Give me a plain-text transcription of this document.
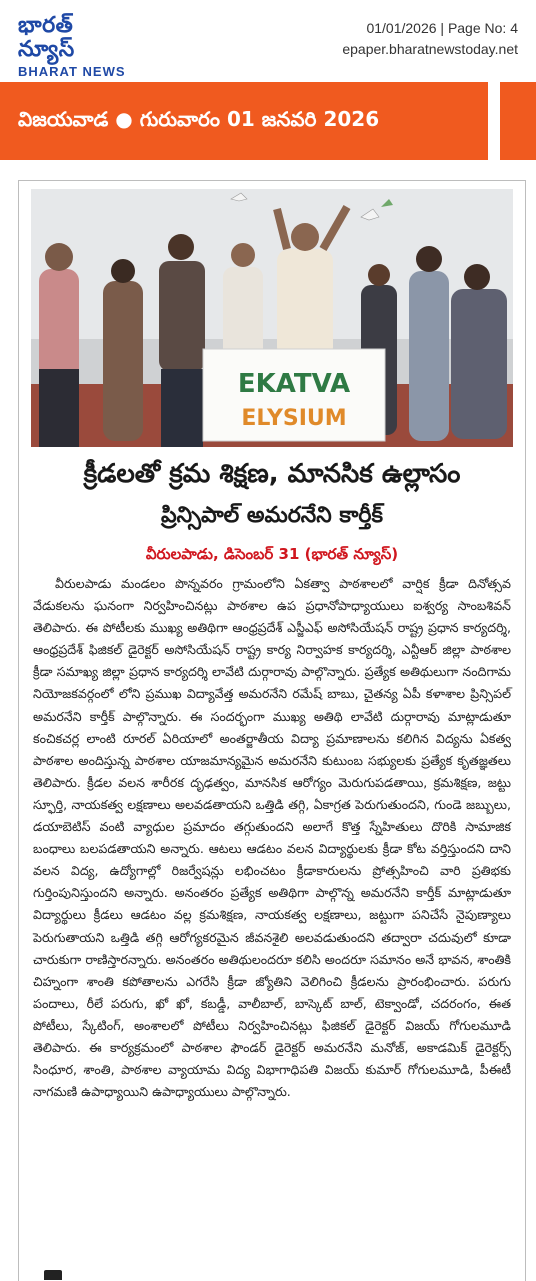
భారత్ న్యూస్
BHARAT NEWS
01/01/2026 | Page No: 4
epaper.bharatnewstoday.net
విజయవాడ ● గురువారం 01 జనవరి 2026
EKATVA
ELYSIUM
క్రీడలతో క్రమ శిక్షణ, మానసిక ఉల్లాసం
ప్రిన్సిపాల్ అమరనేని కార్తీక్
వీరులపాడు, డిసెంబర్ 31 (భారత్ న్యూస్)
వీరులపాడు మండలం పొన్నవరం గ్రామంలోని ఏకత్వా పాఠశాలలో వార్షిక క్రీడా దినోత్సవ వేడుకలను ఘనంగా నిర్వహించినట్లు పాఠశాల ఉప ప్రధానోపాధ్యాయులు ఐశ్వర్య సాంబశివన్ తెలిపారు. ఈ పోటీలకు ముఖ్య అతిథిగా ఆంధ్రప్రదేశ్ ఎస్జీఎఫ్ అసోసియేషన్ రాష్ట్ర ప్రధాన కార్యదర్శి, ఆంధ్రప్రదేశ్ ఫిజికల్ డైరెక్టర్ అసోసియేషన్ రాష్ట్ర కార్య నిర్వాహక కార్యదర్శి, ఎన్టీఆర్ జిల్లా పాఠశాల క్రీడా సమాఖ్య జిల్లా ప్రధాన కార్యదర్శి లావేటి దుర్గారావు పాల్గొన్నారు. ప్రత్యేక అతిథులుగా నందిగామ నియోజకవర్గంలో లోని ప్రముఖ విద్యావేత్త అమరనేని రమేష్ బాబు, చైతన్య ఏపీ కళాశాల ప్రిన్సిపల్ అమరనేని కార్తీక్ పాల్గొన్నారు. ఈ సందర్భంగా ముఖ్య అతిథి లావేటి దుర్గారావు మాట్లాడుతూ కంచికచర్ల లాంటి రూరల్ ఏరియాలో అంతర్జాతీయ విద్యా ప్రమాణాలను కలిగిన విద్యను ఏకత్వ పాఠశాల అందిస్తున్న పాఠశాల యాజమాన్యమైన అమరనేని కుటుంబ సభ్యులకు ప్రత్యేక కృతజ్ఞతలు తెలిపారు. క్రీడల వలన శారీరక దృఢత్వం, మానసిక ఆరోగ్యం మెరుగుపడతాయి, క్రమశిక్షణ, జట్టు స్ఫూర్తి, నాయకత్వ లక్షణాలు అలవడతాయని ఒత్తిడి తగ్గి, ఏకాగ్రత పెరుగుతుందని, గుండె జబ్బులు, డయాబెటిస్ వంటి వ్యాధుల ప్రమాదం తగ్గుతుందని అలాగే కొత్త స్నేహితులు దొరికి సామాజిక బంధాలు బలపడతాయని అన్నారు. ఆటలు ఆడటం వలన విద్యార్థులకు క్రీడా కోట వర్తిస్తుందని దాని వలన విద్య, ఉద్యోగాల్లో రిజర్వేషన్లు లభించటం క్రీడాకారులను ప్రోత్సహించి వారి ప్రతిభకు గుర్తింపునిస్తుందని అన్నారు. అనంతరం ప్రత్యేక అతిథిగా పాల్గొన్న అమరనేని కార్తీక్ మాట్లాడుతూ విద్యార్థులు క్రీడలు ఆడటం వల్ల క్రమశిక్షణ, నాయకత్వ లక్షణాలు, జట్టుగా పనిచేసే నైపుణ్యాలు పెరుగుతాయని ఒత్తిడి తగ్గి ఆరోగ్యకరమైన జీవనశైలి అలవడుతుందని తద్వారా చదువులో కూడా చారుకుగా రాణిస్తారన్నారు. అనంతరం అతిథులందరూ కలిసి అందరూ సమానం అనే భావన, శాంతికి చిహ్నంగా శాంతి కపోతాలను ఎగరేసి క్రీడా జ్యోతిని వెలిగించి క్రీడలను ప్రారంభించారు. పరుగు పందాలు, రీలే పరుగు, ఖో ఖో, కబడ్డీ, వాలీబాల్, బాస్కెట్ బాల్, టెక్వాండో, చదరంగం, ఈత పోటీలు, స్కేటింగ్, అంశాలలో పోటీలు నిర్వహించినట్లు ఫిజికల్ డైరెక్టర్ విజయ్ గోగులమూడి తెలిపారు. ఈ కార్యక్రమంలో పాఠశాల ఫౌండర్ డైరెక్టర్ అమరనేని మనోజ్, అకాడమిక్ డైరెక్టర్స్ సింధూర, శాంతి, పాఠశాల వ్యాయామ విద్య విభాగాధిపతి విజయ్ కుమార్ గోగులమూడి, పీఈటీ నాగమణి ఉపాధ్యాయిని ఉపాధ్యాయులు పాల్గొన్నారు.
